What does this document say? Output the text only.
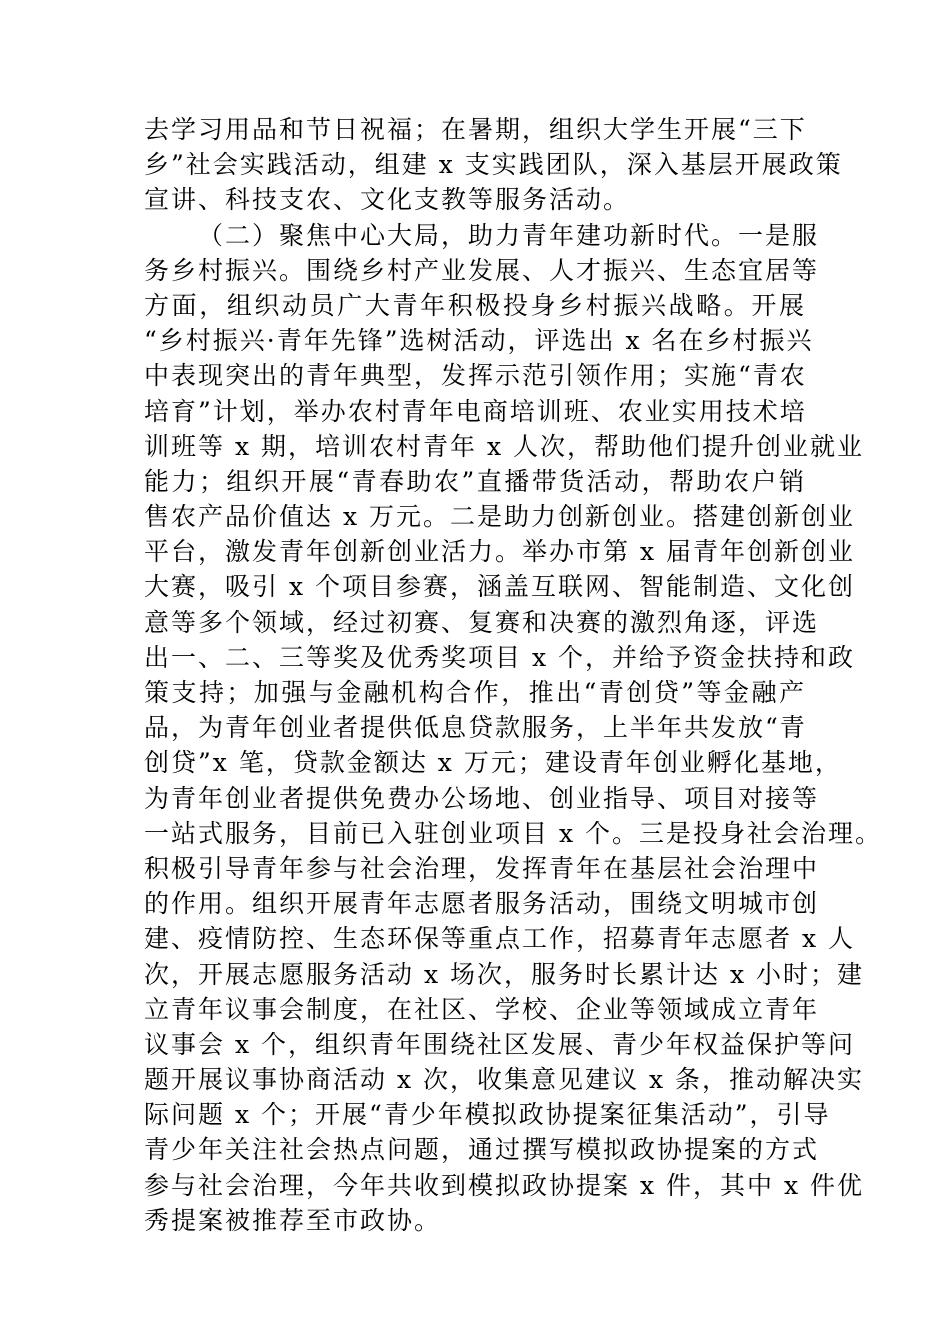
去学习用品和节日祝福；在暑期，组织大学生开展“三下
乡”社会实践活动，组建 x 支实践团队，深入基层开展政策
宣讲、科技支农、文化支教等服务活动。
（二）聚焦中心大局，助力青年建功新时代。一是服
务乡村振兴。围绕乡村产业发展、人才振兴、生态宜居等
方面，组织动员广大青年积极投身乡村振兴战略。开展
“乡村振兴·青年先锋”选树活动，评选出 x 名在乡村振兴
中表现突出的青年典型，发挥示范引领作用；实施“青农
培育”计划，举办农村青年电商培训班、农业实用技术培
训班等 x 期，培训农村青年 x 人次，帮助他们提升创业就业
能力；组织开展“青春助农”直播带货活动，帮助农户销
售农产品价值达 x 万元。二是助力创新创业。搭建创新创业
平台，激发青年创新创业活力。举办市第 x 届青年创新创业
大赛，吸引 x 个项目参赛，涵盖互联网、智能制造、文化创
意等多个领域，经过初赛、复赛和决赛的激烈角逐，评选
出一、二、三等奖及优秀奖项目 x 个，并给予资金扶持和政
策支持；加强与金融机构合作，推出“青创贷”等金融产
品，为青年创业者提供低息贷款服务，上半年共发放“青
创贷”x 笔，贷款金额达 x 万元；建设青年创业孵化基地，
为青年创业者提供免费办公场地、创业指导、项目对接等
一站式服务，目前已入驻创业项目 x 个。三是投身社会治理。
积极引导青年参与社会治理，发挥青年在基层社会治理中
的作用。组织开展青年志愿者服务活动，围绕文明城市创
建、疫情防控、生态环保等重点工作，招募青年志愿者 x 人
次，开展志愿服务活动 x 场次，服务时长累计达 x 小时；建
立青年议事会制度，在社区、学校、企业等领域成立青年
议事会 x 个，组织青年围绕社区发展、青少年权益保护等问
题开展议事协商活动 x 次，收集意见建议 x 条，推动解决实
际问题 x 个；开展“青少年模拟政协提案征集活动”，引导
青少年关注社会热点问题，通过撰写模拟政协提案的方式
参与社会治理，今年共收到模拟政协提案 x 件，其中 x 件优
秀提案被推荐至市政协。
